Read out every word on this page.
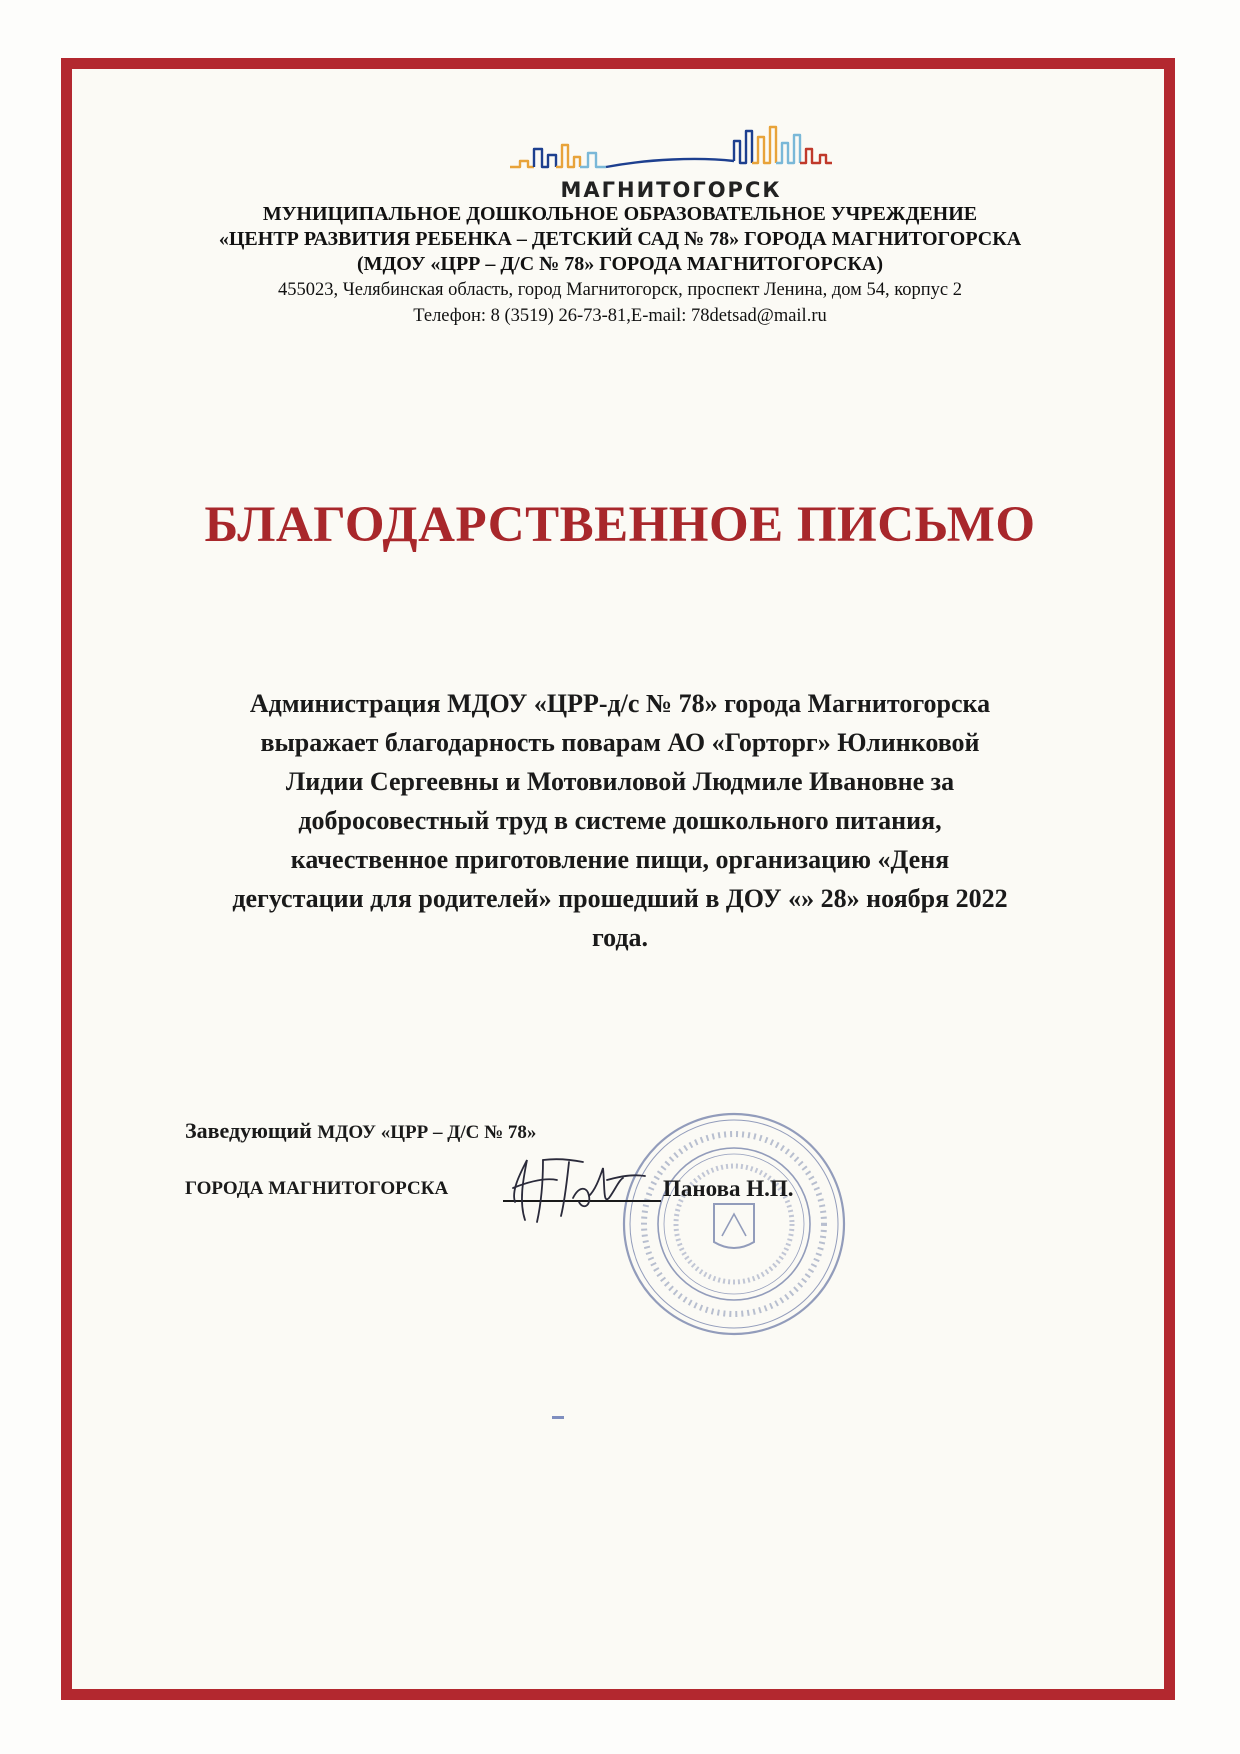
МАГНИТОГОРСК

МУНИЦИПАЛЬНОЕ ДОШКОЛЬНОЕ ОБРАЗОВАТЕЛЬНОЕ УЧРЕЖДЕНИЕ

«ЦЕНТР РАЗВИТИЯ РЕБЕНКА – ДЕТСКИЙ САД № 78» ГОРОДА МАГНИТОГОРСКА

(МДОУ «ЦРР – Д/С № 78» ГОРОДА МАГНИТОГОРСКА)

455023, Челябинская область, город Магнитогорск, проспект Ленина, дом 54, корпус 2

Телефон: 8 (3519) 26-73-81,E-mail: 78detsad@mail.ru

БЛАГОДАРСТВЕННОЕ ПИСЬМО
Администрация МДОУ «ЦРР-д/с № 78» города Магнитогорска
выражает благодарность поварам АО «Горторг» Юлинковой
Лидии Сергеевны и Мотовиловой Людмиле Ивановне за
добросовестный труд в системе дошкольного питания,
качественное приготовление пищи, организацию «Деня
дегустации для родителей» прошедший в ДОУ «» 28» ноября 2022
года.
Заведующий МДОУ «ЦРР – Д/С № 78»
ГОРОДА МАГНИТОГОРСКА	Панова Н.П.
